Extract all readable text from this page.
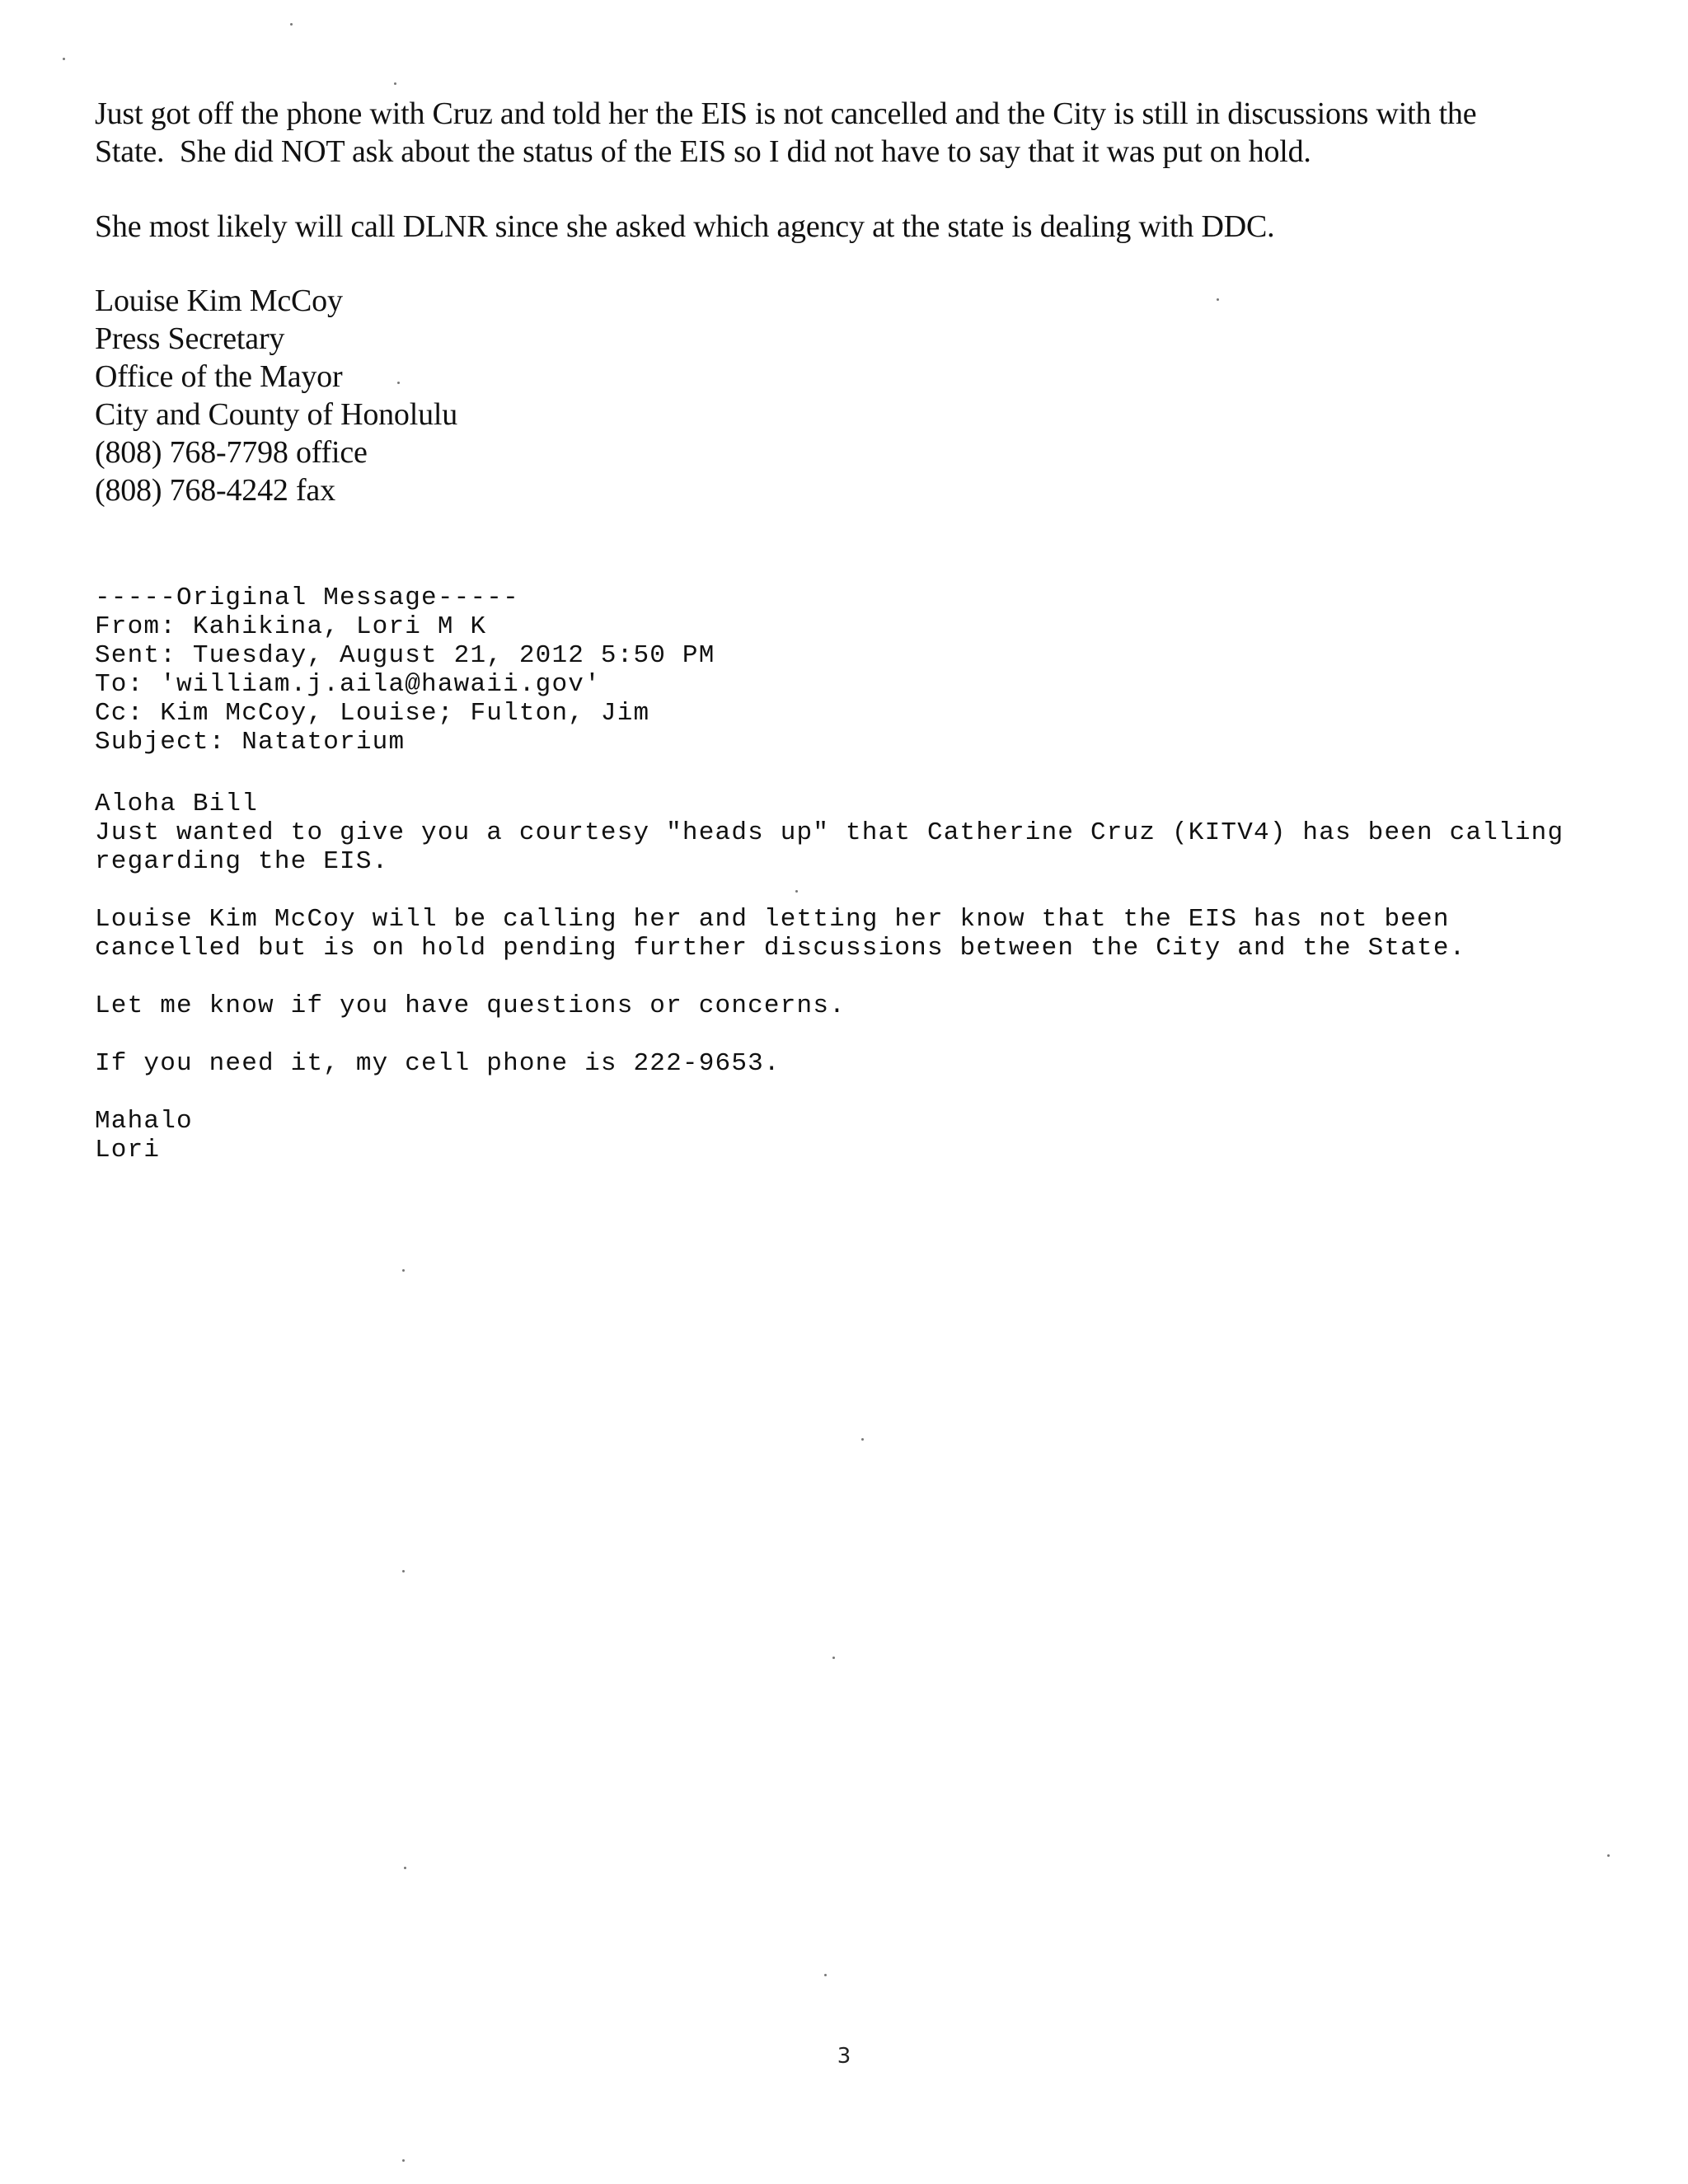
Just got off the phone with Cruz and told her the EIS is not cancelled and the City is still in discussions with the
State.  She did NOT ask about the status of the EIS so I did not have to say that it was put on hold.
She most likely will call DLNR since she asked which agency at the state is dealing with DDC.
Louise Kim McCoy
Press Secretary
Office of the Mayor
City and County of Honolulu
(808) 768-7798 office
(808) 768-4242 fax
-----Original Message-----
From: Kahikina, Lori M K
Sent: Tuesday, August 21, 2012 5:50 PM
To: 'william.j.aila@hawaii.gov'
Cc: Kim McCoy, Louise; Fulton, Jim
Subject: Natatorium
Aloha Bill
Just wanted to give you a courtesy "heads up" that Catherine Cruz (KITV4) has been calling
regarding the EIS.
Louise Kim McCoy will be calling her and letting her know that the EIS has not been
cancelled but is on hold pending further discussions between the City and the State.
Let me know if you have questions or concerns.
If you need it, my cell phone is 222-9653.
Mahalo
Lori
3
